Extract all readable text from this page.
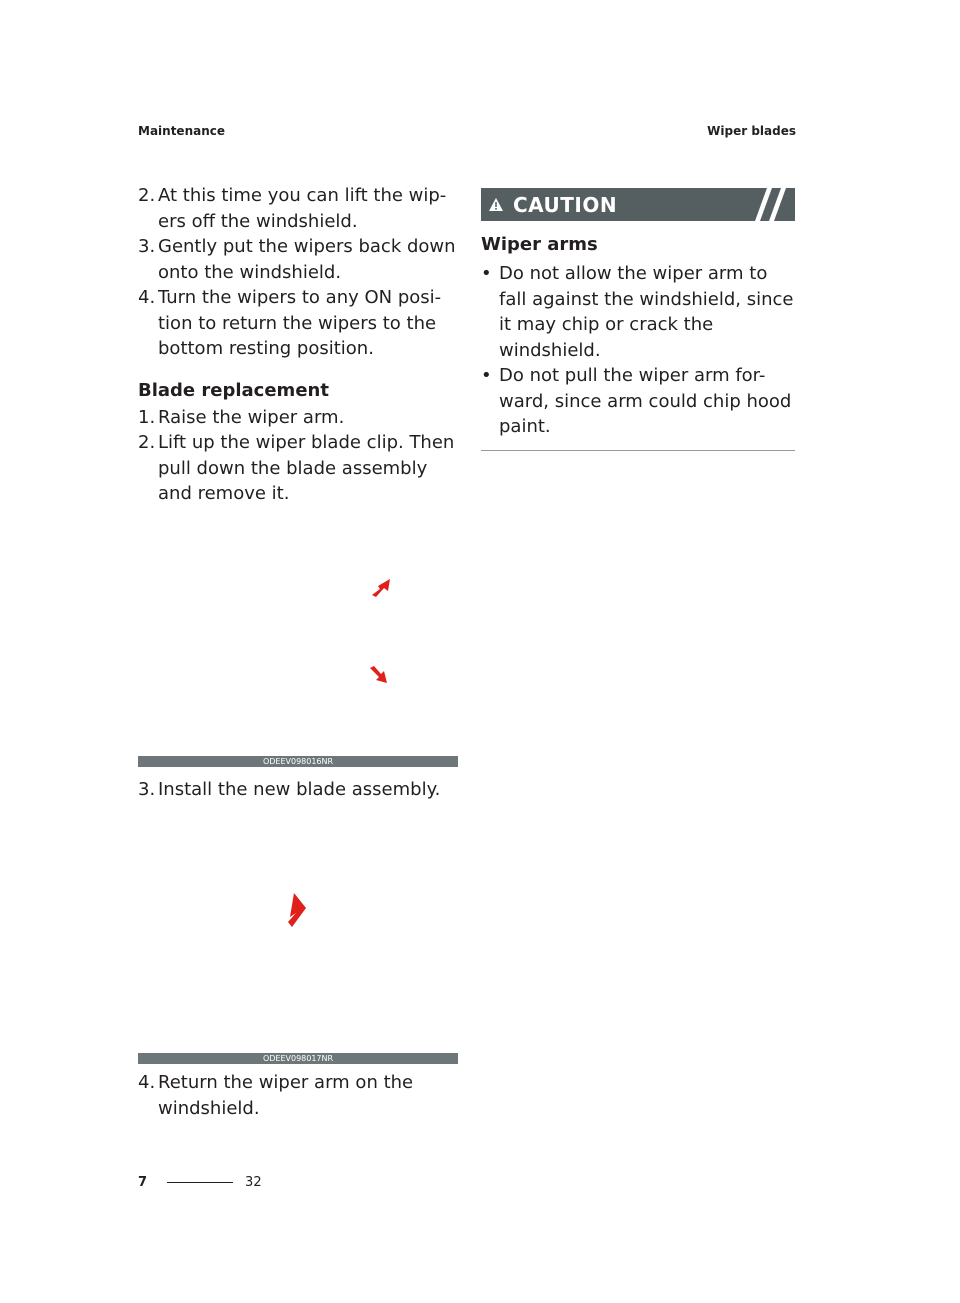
Maintenance	Wiper blades
2. At this time you can lift the wip-ers off the windshield.
3. Gently put the wipers back down onto the windshield.
4. Turn the wipers to any ON posi-tion to return the wipers to the bottom resting position.
Blade replacement
1. Raise the wiper arm.
2. Lift up the wiper blade clip. Then pull down the blade assembly and remove it.
ODEEV098016NR
3. Install the new blade assembly.
ODEEV098017NR
4. Return the wiper arm on the windshield.
CAUTION
Wiper arms
• Do not allow the wiper arm to fall against the windshield, since it may chip or crack the windshield.
• Do not pull the wiper arm for-ward, since arm could chip hood paint.
7	32
